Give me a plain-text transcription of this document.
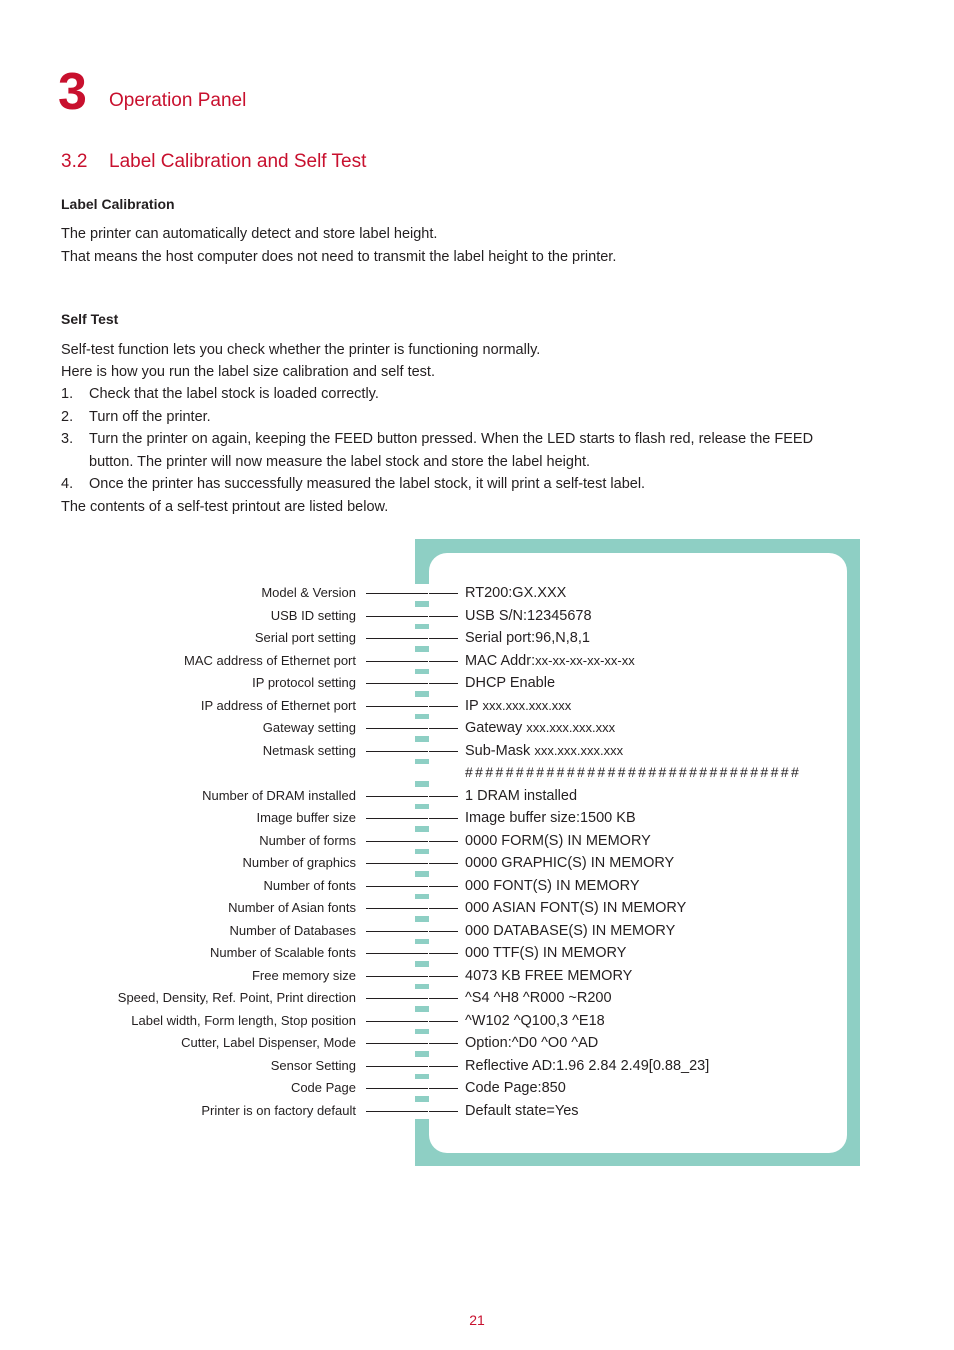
3 Operation Panel
3.2 Label Calibration and Self Test
Label Calibration
The printer can automatically detect and store label height.
That means the host computer does not need to transmit the label height to the printer.
Self Test
Self-test function lets you check whether the printer is functioning normally.
Here is how you run the label size calibration and self test.
1. Check that the label stock is loaded correctly.
2. Turn off the printer.
3. Turn the printer on again, keeping the FEED button pressed. When the LED starts to flash red, release the FEED button. The printer will now measure the label stock and store the label height.
4. Once the printer has successfully measured the label stock, it will print a self-test label.
The contents of a self-test printout are listed below.
Model & Version	RT200:GX.XXX
USB ID setting	USB S/N:12345678
Serial port setting	Serial port:96,N,8,1
MAC address of Ethernet port	MAC Addr:xx-xx-xx-xx-xx-xx
IP protocol setting	DHCP Enable
IP address of Ethernet port	IP xxx.xxx.xxx.xxx
Gateway setting	Gateway xxx.xxx.xxx.xxx
Netmask setting	Sub-Mask xxx.xxx.xxx.xxx
Number of DRAM installed	1 DRAM installed
Image buffer size	Image buffer size:1500 KB
Number of forms	0000 FORM(S) IN MEMORY
Number of graphics	0000 GRAPHIC(S) IN MEMORY
Number of fonts	000 FONT(S) IN MEMORY
Number of Asian fonts	000 ASIAN FONT(S) IN MEMORY
Number of Databases	000 DATABASE(S) IN MEMORY
Number of Scalable fonts	000 TTF(S) IN MEMORY
Free memory size	4073 KB FREE MEMORY
Speed, Density, Ref. Point, Print direction	^S4 ^H8 ^R000 ~R200
Label width, Form length, Stop position	^W102 ^Q100,3 ^E18
Cutter, Label Dispenser, Mode	Option:^D0 ^O0 ^AD
Sensor Setting	Reflective AD:1.96 2.84 2.49[0.88_23]
Code Page	Code Page:850
Printer is on factory default	Default state=Yes
#################################
21
